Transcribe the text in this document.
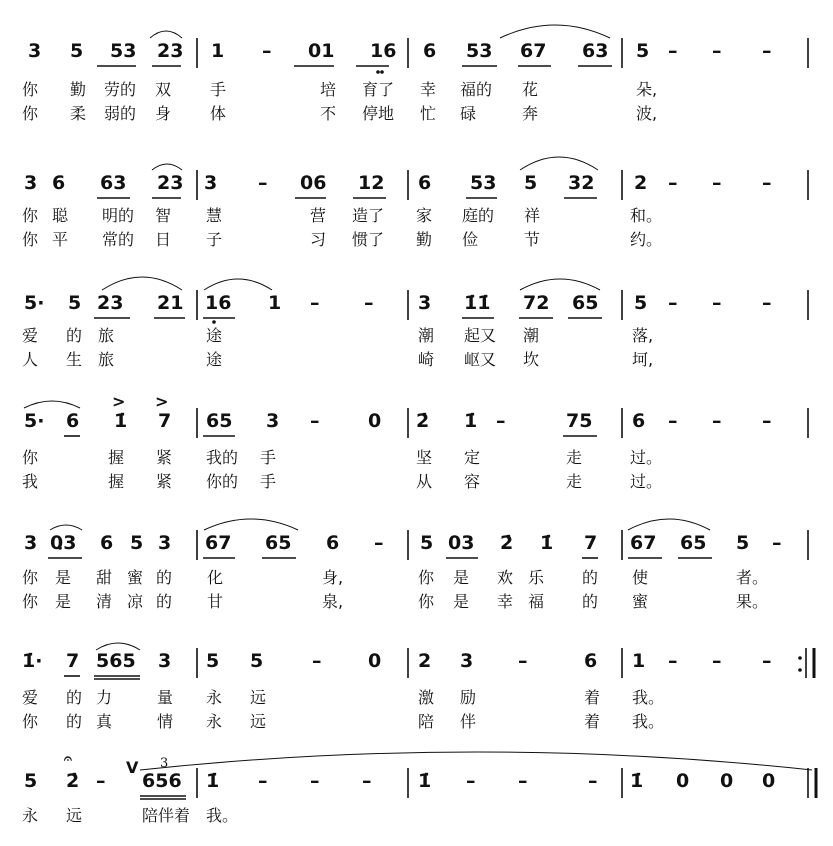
3 5 53 23 1 – 01 16 6 53 67 63 5 – – –
你 勤 劳的 双 手	培 育了 幸 福的 花	朵,
你 柔 弱的 身 体	不 停地 忙 碌	奔	波,
3 6 63 23 3 – 06 12 6 53 5 32 2 – – –
你 聪 明的 智 慧	营 造了 家 庭的 祥	和。
你 平 常的 日 子	习 惯了 勤 俭	节	约。
5· 5 23 21 16 1 – – 3 1̇1̇ 72 65 5 – – –
爱 的 旅	途	潮 起又 潮	落,
人 生 旅	途	崎 岖又 坎	坷,
5· 6 1̇ 7 65 3 –	0 2̇ 1̇ –	75 6 – – –
你	握 紧 我的 手	坚 定	走	过。
我	握 紧 你的 手	从 容	走	过。
3 03 6 5 3 67 65 6 – 5 03 2̇ 1̇ 7 67 65 5 –
你 是 甜 蜜 的 化	身,	你 是 欢 乐 的 使	者。
你 是 清 凉 的 甘	泉,	你 是 幸 福 的 蜜	果。
1̇· 7 565 3 5 5	– 0 2 3 –	6 1 – – –
爱 的 力	量 永 远	激 励	着 我。
你 的 真	情 永 远	陪 伴	着 我。
5 2̇ – 656 1̇ – – – 1̇ – –	– 1̇ 0 0 0
永 远	陪伴着 我。
V 3
> >
𝄐
